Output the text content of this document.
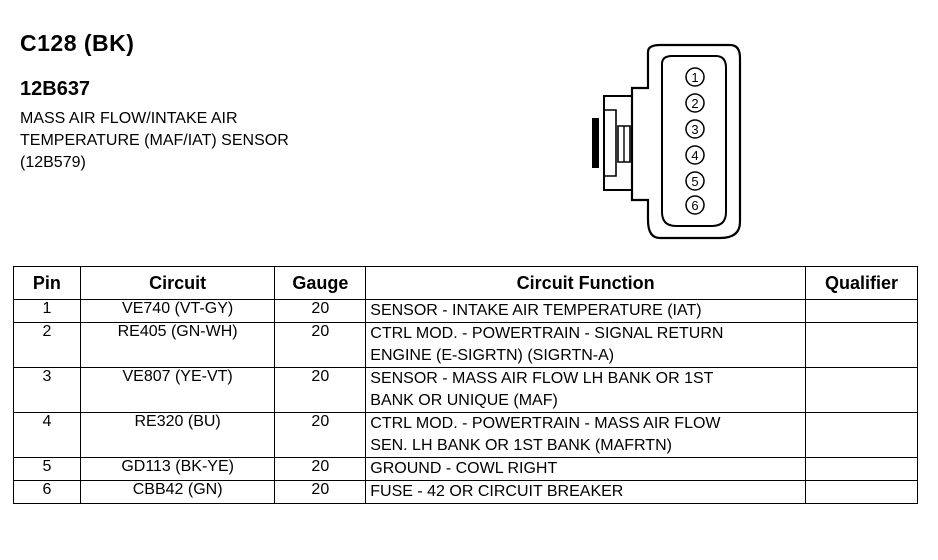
C128 (BK)
12B637
MASS AIR FLOW/INTAKE AIR
TEMPERATURE (MAF/IAT) SENSOR
(12B579)
1
2
3
4
5
6
Pin	Circuit	Gauge	Circuit Function	Qualifier
1	VE740 (VT-GY)	20	SENSOR - INTAKE AIR TEMPERATURE (IAT)	

2	RE405 (GN-WH)	20	CTRL MOD. - POWERTRAIN - SIGNAL RETURN
ENGINE (E-SIGRTN) (SIGRTN-A)	

3	VE807 (YE-VT)	20	SENSOR - MASS AIR FLOW LH BANK OR 1ST
BANK OR UNIQUE (MAF)	

4	RE320 (BU)	20	CTRL MOD. - POWERTRAIN - MASS AIR FLOW
SEN. LH BANK OR 1ST BANK (MAFRTN)	

5	GD113 (BK-YE)	20	GROUND - COWL RIGHT	

6	CBB42 (GN)	20	FUSE - 42 OR CIRCUIT BREAKER	
